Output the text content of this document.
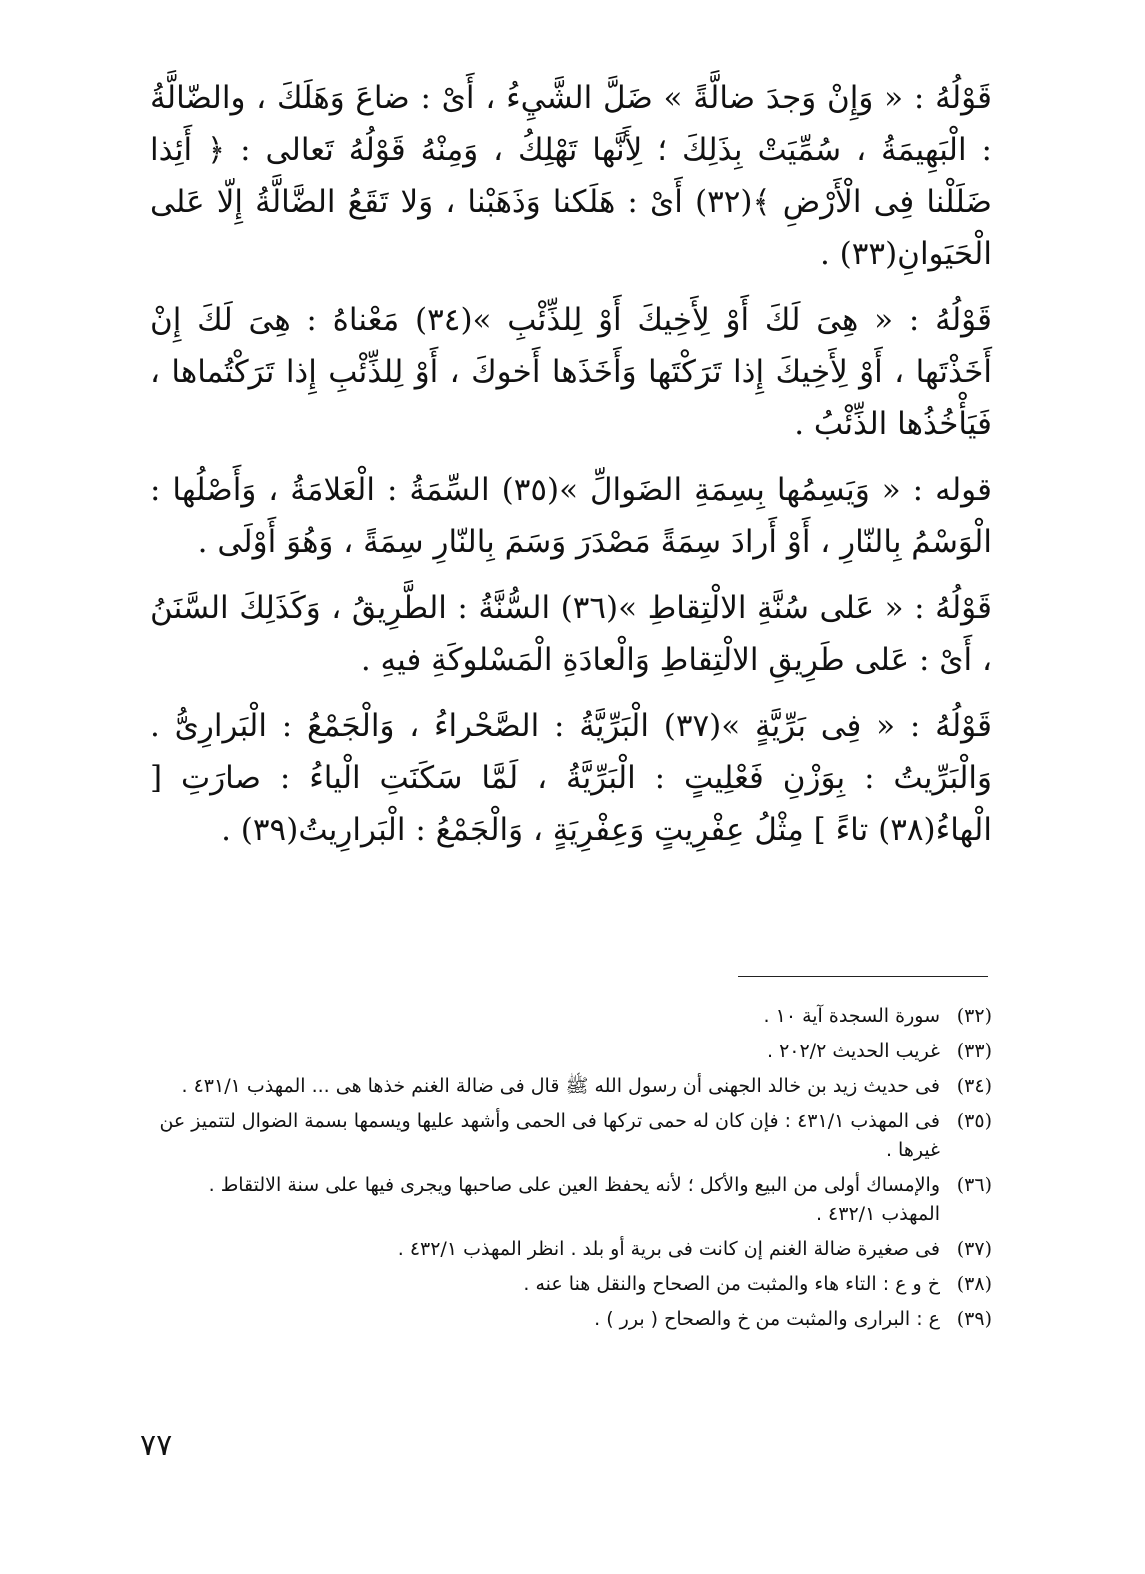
قَوْلُهُ : « وَإِنْ وَجدَ ضالَّةً » ضَلَّ الشَّيِءُ ، أَىْ : ضاعَ وَهَلَكَ ، والضّالَّةُ : الْبَهِيمَةُ ، سُمِّيَتْ بِذَلِكَ ؛ لِأَنَّها تَهْلِكُ ، وَمِنْهُ قَوْلُهُ تَعالى : ﴿ أَئِذا ضَلَلْنا فِى الْأَرْضِ ﴾(٣٢) أَىْ : هَلَكنا وَذَهَبْنا ، وَلا تَقَعُ الضَّالَّةُ إِلّا عَلى الْحَيَوانِ(٣٣) .

قَوْلُهُ : « هِىَ لَكَ أَوْ لِأَخِيكَ أَوْ لِلذِّئْبِ »(٣٤) مَعْناهُ : هِىَ لَكَ إِنْ أَخَذْتَها ، أَوْ لِأَخِيكَ إِذا تَرَكْتَها وَأَخَذَها أَخوكَ ، أَوْ لِلذِّئْبِ إِذا تَرَكْتُماها ، فَيَأْخُذُها الذِّئْبُ .

قوله : « وَيَسِمُها بِسِمَةِ الضَوالِّ »(٣٥) السِّمَةُ : الْعَلامَةُ ، وَأَصْلُها : الْوَسْمُ بِالنّارِ ، أَوْ أَرادَ سِمَةً مَصْدَرَ وَسَمَ بِالنّارِ سِمَةً ، وَهُوَ أَوْلَى .

قَوْلُهُ : « عَلى سُنَّةِ الالْتِقاطِ »(٣٦) السُّنَّةُ : الطَّرِيقُ ، وَكَذَلِكَ السَّنَنُ ، أَىْ : عَلى طَرِيقِ الالْتِقاطِ وَالْعادَةِ الْمَسْلوكَةِ فيهِ .

قَوْلُهُ : « فِى بَرِّيَّةٍ »(٣٧) الْبَرِّيَّةُ : الصَّحْراءُ ، وَالْجَمْعُ : الْبَرارِىُّ . وَالْبَرِّيتُ : بِوَزْنِ فَعْلِيتٍ : الْبَرِّيَّةُ ، لَمَّا سَكَنَتِ الْياءُ : صارَتِ [ الْهاءُ(٣٨) تاءً ] مِثْلُ عِفْرِيتٍ وَعِفْرِيَةٍ ، وَالْجَمْعُ : الْبَرارِيتُ(٣٩) .

(٣٢)
سورة السجدة آية ١٠ .
(٣٣)
غريب الحديث ٢٠٢/٢ .
(٣٤)
فى حديث زيد بن خالد الجهنى أن رسول الله ﷺ قال فى ضالة الغنم خذها هى ... المهذب ٤٣١/١ .
(٣٥)
فى المهذب ٤٣١/١ : فإن كان له حمى تركها فى الحمى وأشهد عليها ويسمها بسمة الضوال لتتميز عن غيرها .
(٣٦)
والإمساك أولى من البيع والأكل ؛ لأنه يحفظ العين على صاحبها ويجرى فيها على سنة الالتقاط . المهذب ٤٣٢/١ .
(٣٧)
فى صغيرة ضالة الغنم إن كانت فى برية أو بلد . انظر المهذب ٤٣٢/١ .
(٣٨)
خ و ع : التاء هاء والمثبت من الصحاح والنقل هنا عنه .
(٣٩)
ع : البرارى والمثبت من خ والصحاح ( برر ) .
٧٧
